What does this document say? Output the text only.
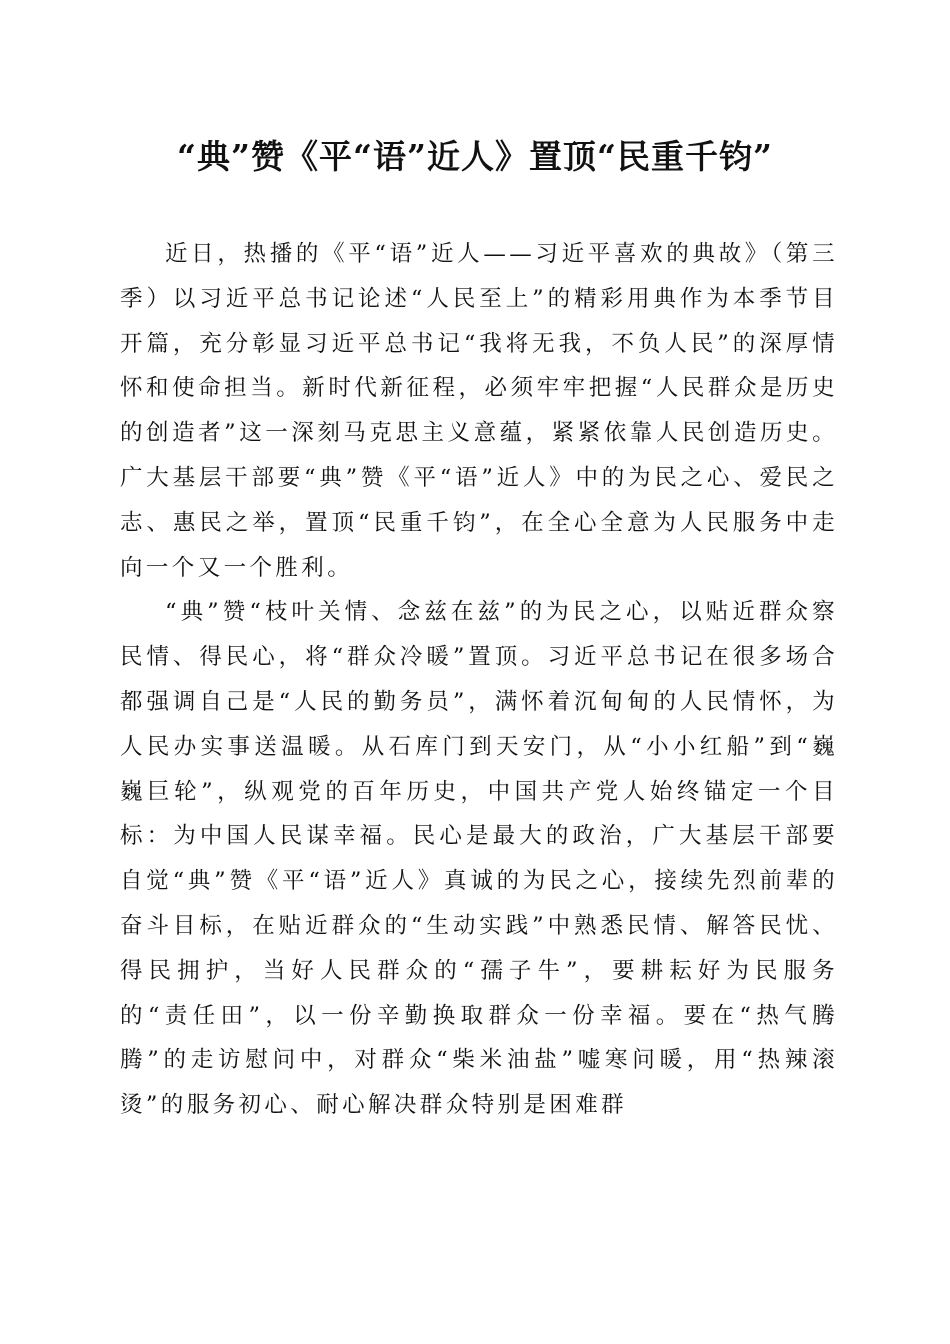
“典”赞《平“语”近人》置顶“民重千钧”

近日，热播的《平“语”近人——习近平喜欢的典故》（第三季）以习近平总书记论述“人民至上”的精彩用典作为本季节目开篇，充分彰显习近平总书记“我将无我，不负人民”的深厚情怀和使命担当。新时代新征程，必须牢牢把握“人民群众是历史的创造者”这一深刻马克思主义意蕴，紧紧依靠人民创造历史。广大基层干部要“典”赞《平“语”近人》中的为民之心、爱民之志、惠民之举，置顶“民重千钧”，在全心全意为人民服务中走向一个又一个胜利。

“典”赞“枝叶关情、念兹在兹”的为民之心，以贴近群众察民情、得民心，将“群众冷暖”置顶。习近平总书记在很多场合都强调自己是“人民的勤务员”，满怀着沉甸甸的人民情怀，为人民办实事送温暖。从石库门到天安门，从“小小红船”到“巍巍巨轮”，纵观党的百年历史，中国共产党人始终锚定一个目标：为中国人民谋幸福。民心是最大的政治，广大基层干部要自觉“典”赞《平“语”近人》真诚的为民之心，接续先烈前辈的奋斗目标，在贴近群众的“生动实践”中熟悉民情、解答民忧、得民拥护，当好人民群众的“孺子牛”，要耕耘好为民服务的“责任田”，以一份辛勤换取群众一份幸福。要在“热气腾腾”的走访慰问中，对群众“柴米油盐”嘘寒问暖，用“热辣滚烫”的服务初心、耐心解决群众特别是困难群
